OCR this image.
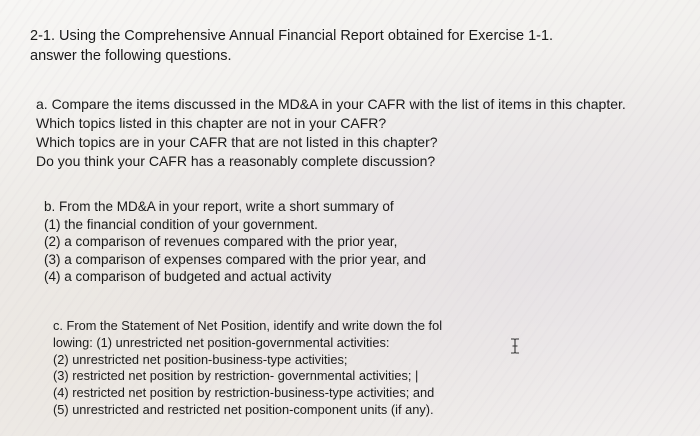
2-1. Using the Comprehensive Annual Financial Report obtained for Exercise 1-1.
answer the following questions.

a. Compare the items discussed in the MD&A in your CAFR with the list of items in this chapter.
Which topics listed in this chapter are not in your CAFR?
Which topics are in your CAFR that are not listed in this chapter?
Do you think your CAFR has a reasonably complete discussion?

b. From the MD&A in your report, write a short summary of
(1) the financial condition of your government.
(2) a comparison of revenues compared with the prior year,
(3) a comparison of expenses compared with the prior year, and
(4) a comparison of budgeted and actual activity

c. From the Statement of Net Position, identify and write down the fol
lowing: (1) unrestricted net position-governmental activities:
(2) unrestricted net position-business-type activities;
(3) restricted net position by restriction- governmental activities; |
(4) restricted net position by restriction-business-type activities; and
(5) unrestricted and restricted net position-component units (if any).
